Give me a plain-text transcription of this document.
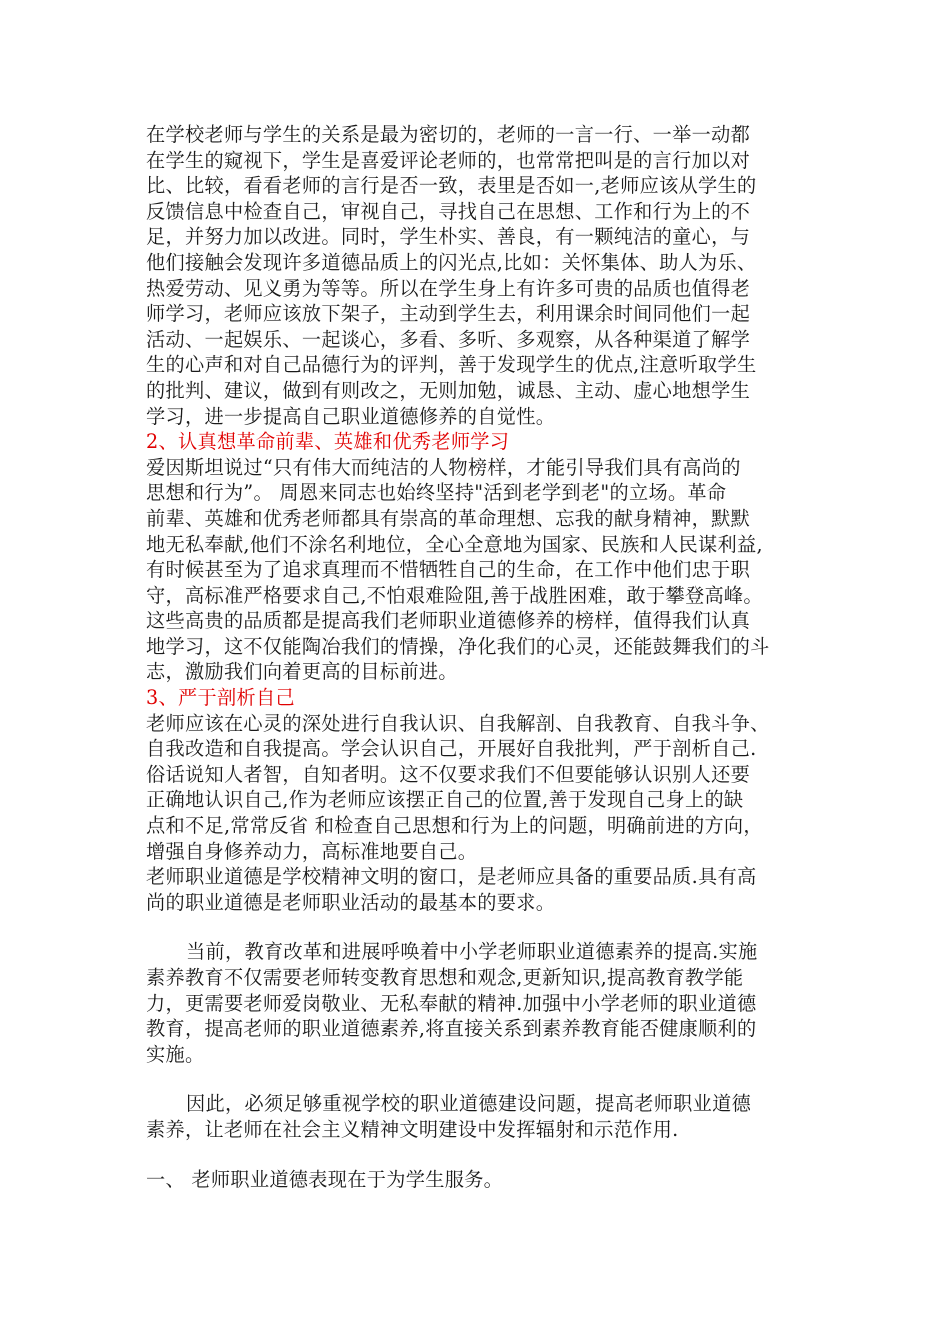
在学校老师与学生的关系是最为密切的，老师的一言一行、一举一动都
在学生的窥视下，学生是喜爱评论老师的，也常常把叫是的言行加以对
比、比较，看看老师的言行是否一致，表里是否如一,老师应该从学生的
反馈信息中检查自己，审视自己，寻找自己在思想、工作和行为上的不
足，并努力加以改进。同时，学生朴实、善良，有一颗纯洁的童心，与
他们接触会发现许多道德品质上的闪光点,比如：关怀集体、助人为乐、
热爱劳动、见义勇为等等。所以在学生身上有许多可贵的品质也值得老
师学习，老师应该放下架子，主动到学生去，利用课余时间同他们一起
活动、一起娱乐、一起谈心，多看、多听、多观察，从各种渠道了解学
生的心声和对自己品德行为的评判，善于发现学生的优点,注意听取学生
的批判、建议，做到有则改之，无则加勉，诚恳、主动、虚心地想学生
学习，进一步提高自己职业道德修养的自觉性。
2、认真想革命前辈、英雄和优秀老师学习
爱因斯坦说过“只有伟大而纯洁的人物榜样，才能引导我们具有高尚的
思想和行为”。 周恩来同志也始终坚持"活到老学到老"的立场。革命
前辈、英雄和优秀老师都具有崇高的革命理想、忘我的献身精神，默默
地无私奉献,他们不涂名利地位，全心全意地为国家、民族和人民谋利益,
有时候甚至为了追求真理而不惜牺牲自己的生命，在工作中他们忠于职
守，高标准严格要求自己,不怕艰难险阻,善于战胜困难，敢于攀登高峰。
这些高贵的品质都是提高我们老师职业道德修养的榜样，值得我们认真
地学习，这不仅能陶冶我们的情操，净化我们的心灵，还能鼓舞我们的斗
志，激励我们向着更高的目标前进。
3、严于剖析自己
老师应该在心灵的深处进行自我认识、自我解剖、自我教育、自我斗争、
自我改造和自我提高。学会认识自己，开展好自我批判，严于剖析自己.
俗话说知人者智，自知者明。这不仅要求我们不但要能够认识别人还要
正确地认识自己,作为老师应该摆正自己的位置,善于发现自己身上的缺
点和不足,常常反省 和检查自己思想和行为上的问题，明确前进的方向，
增强自身修养动力，高标准地要自己。
老师职业道德是学校精神文明的窗口，是老师应具备的重要品质.具有高
尚的职业道德是老师职业活动的最基本的要求。
当前，教育改革和进展呼唤着中小学老师职业道德素养的提高.实施
素养教育不仅需要老师转变教育思想和观念,更新知识,提高教育教学能
力，更需要老师爱岗敬业、无私奉献的精神.加强中小学老师的职业道德
教育，提高老师的职业道德素养,将直接关系到素养教育能否健康顺利的
实施。
因此，必须足够重视学校的职业道德建设问题，提高老师职业道德
素养，让老师在社会主义精神文明建设中发挥辐射和示范作用.
一、 老师职业道德表现在于为学生服务。
